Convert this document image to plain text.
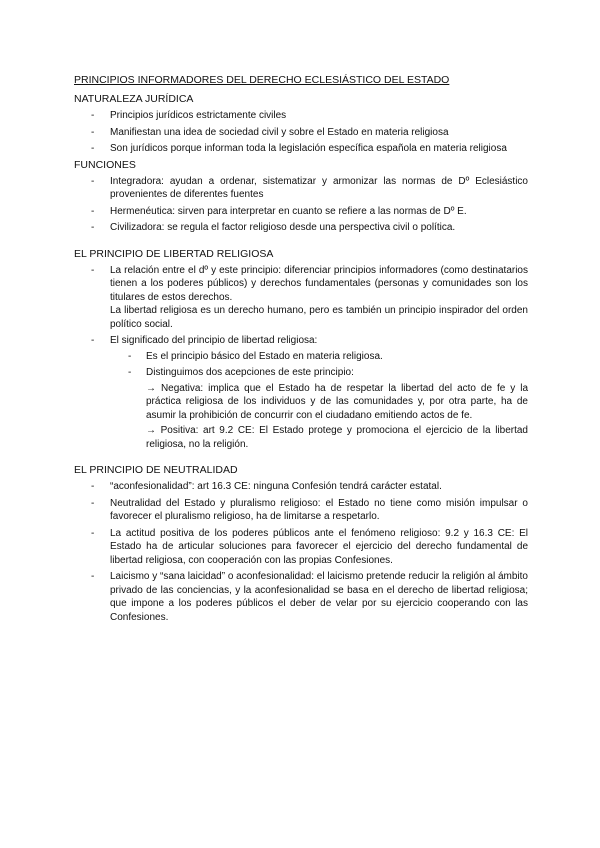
PRINCIPIOS INFORMADORES DEL DERECHO ECLESIÁSTICO DEL ESTADO
NATURALEZA JURÍDICA
- Principios jurídicos estrictamente civiles
- Manifiestan una idea de sociedad civil y sobre el Estado en materia religiosa
- Son jurídicos porque informan toda la legislación específica española en materia religiosa
FUNCIONES
- Integradora: ayudan a ordenar, sistematizar y armonizar las normas de Dº Eclesiástico provenientes de diferentes fuentes
- Hermenéutica: sirven para interpretar en cuanto se refiere a las normas de Dº E.
- Civilizadora: se regula el factor religioso desde una perspectiva civil o política.
EL PRINCIPIO DE LIBERTAD RELIGIOSA

- La relación entre el dº y este principio: diferenciar principios informadores (como destinatarios tienen a los poderes públicos) y derechos fundamentales (personas y comunidades son los titulares de estos derechos.

La libertad religiosa es un derecho humano, pero es también un principio inspirador del orden político social.

- El significado del principio de libertad religiosa:

- Es el principio básico del Estado en materia religiosa.

- Distinguimos dos acepciones de este principio:

→ Negativa: implica que el Estado ha de respetar la libertad del acto de fe y la práctica religiosa de los individuos y de las comunidades y, por otra parte, ha de asumir la prohibición de concurrir con el ciudadano emitiendo actos de fe.
→ Positiva: art 9.2 CE: El Estado protege y promociona el ejercicio de la libertad religiosa, no la religión.
EL PRINCIPIO DE NEUTRALIDAD
- “aconfesionalidad”: art 16.3 CE: ninguna Confesión tendrá carácter estatal.
- Neutralidad del Estado y pluralismo religioso: el Estado no tiene como misión impulsar o favorecer el pluralismo religioso, ha de limitarse a respetarlo.
- La actitud positiva de los poderes públicos ante el fenómeno religioso: 9.2 y 16.3 CE: El Estado ha de articular soluciones para favorecer el ejercicio del derecho fundamental de libertad religiosa, con cooperación con las propias Confesiones.
- Laicismo y “sana laicidad” o aconfesionalidad: el laicismo pretende reducir la religión al ámbito privado de las conciencias, y la aconfesionalidad se basa en el derecho de libertad religiosa; que impone a los poderes públicos el deber de velar por su ejercicio cooperando con las Confesiones.
